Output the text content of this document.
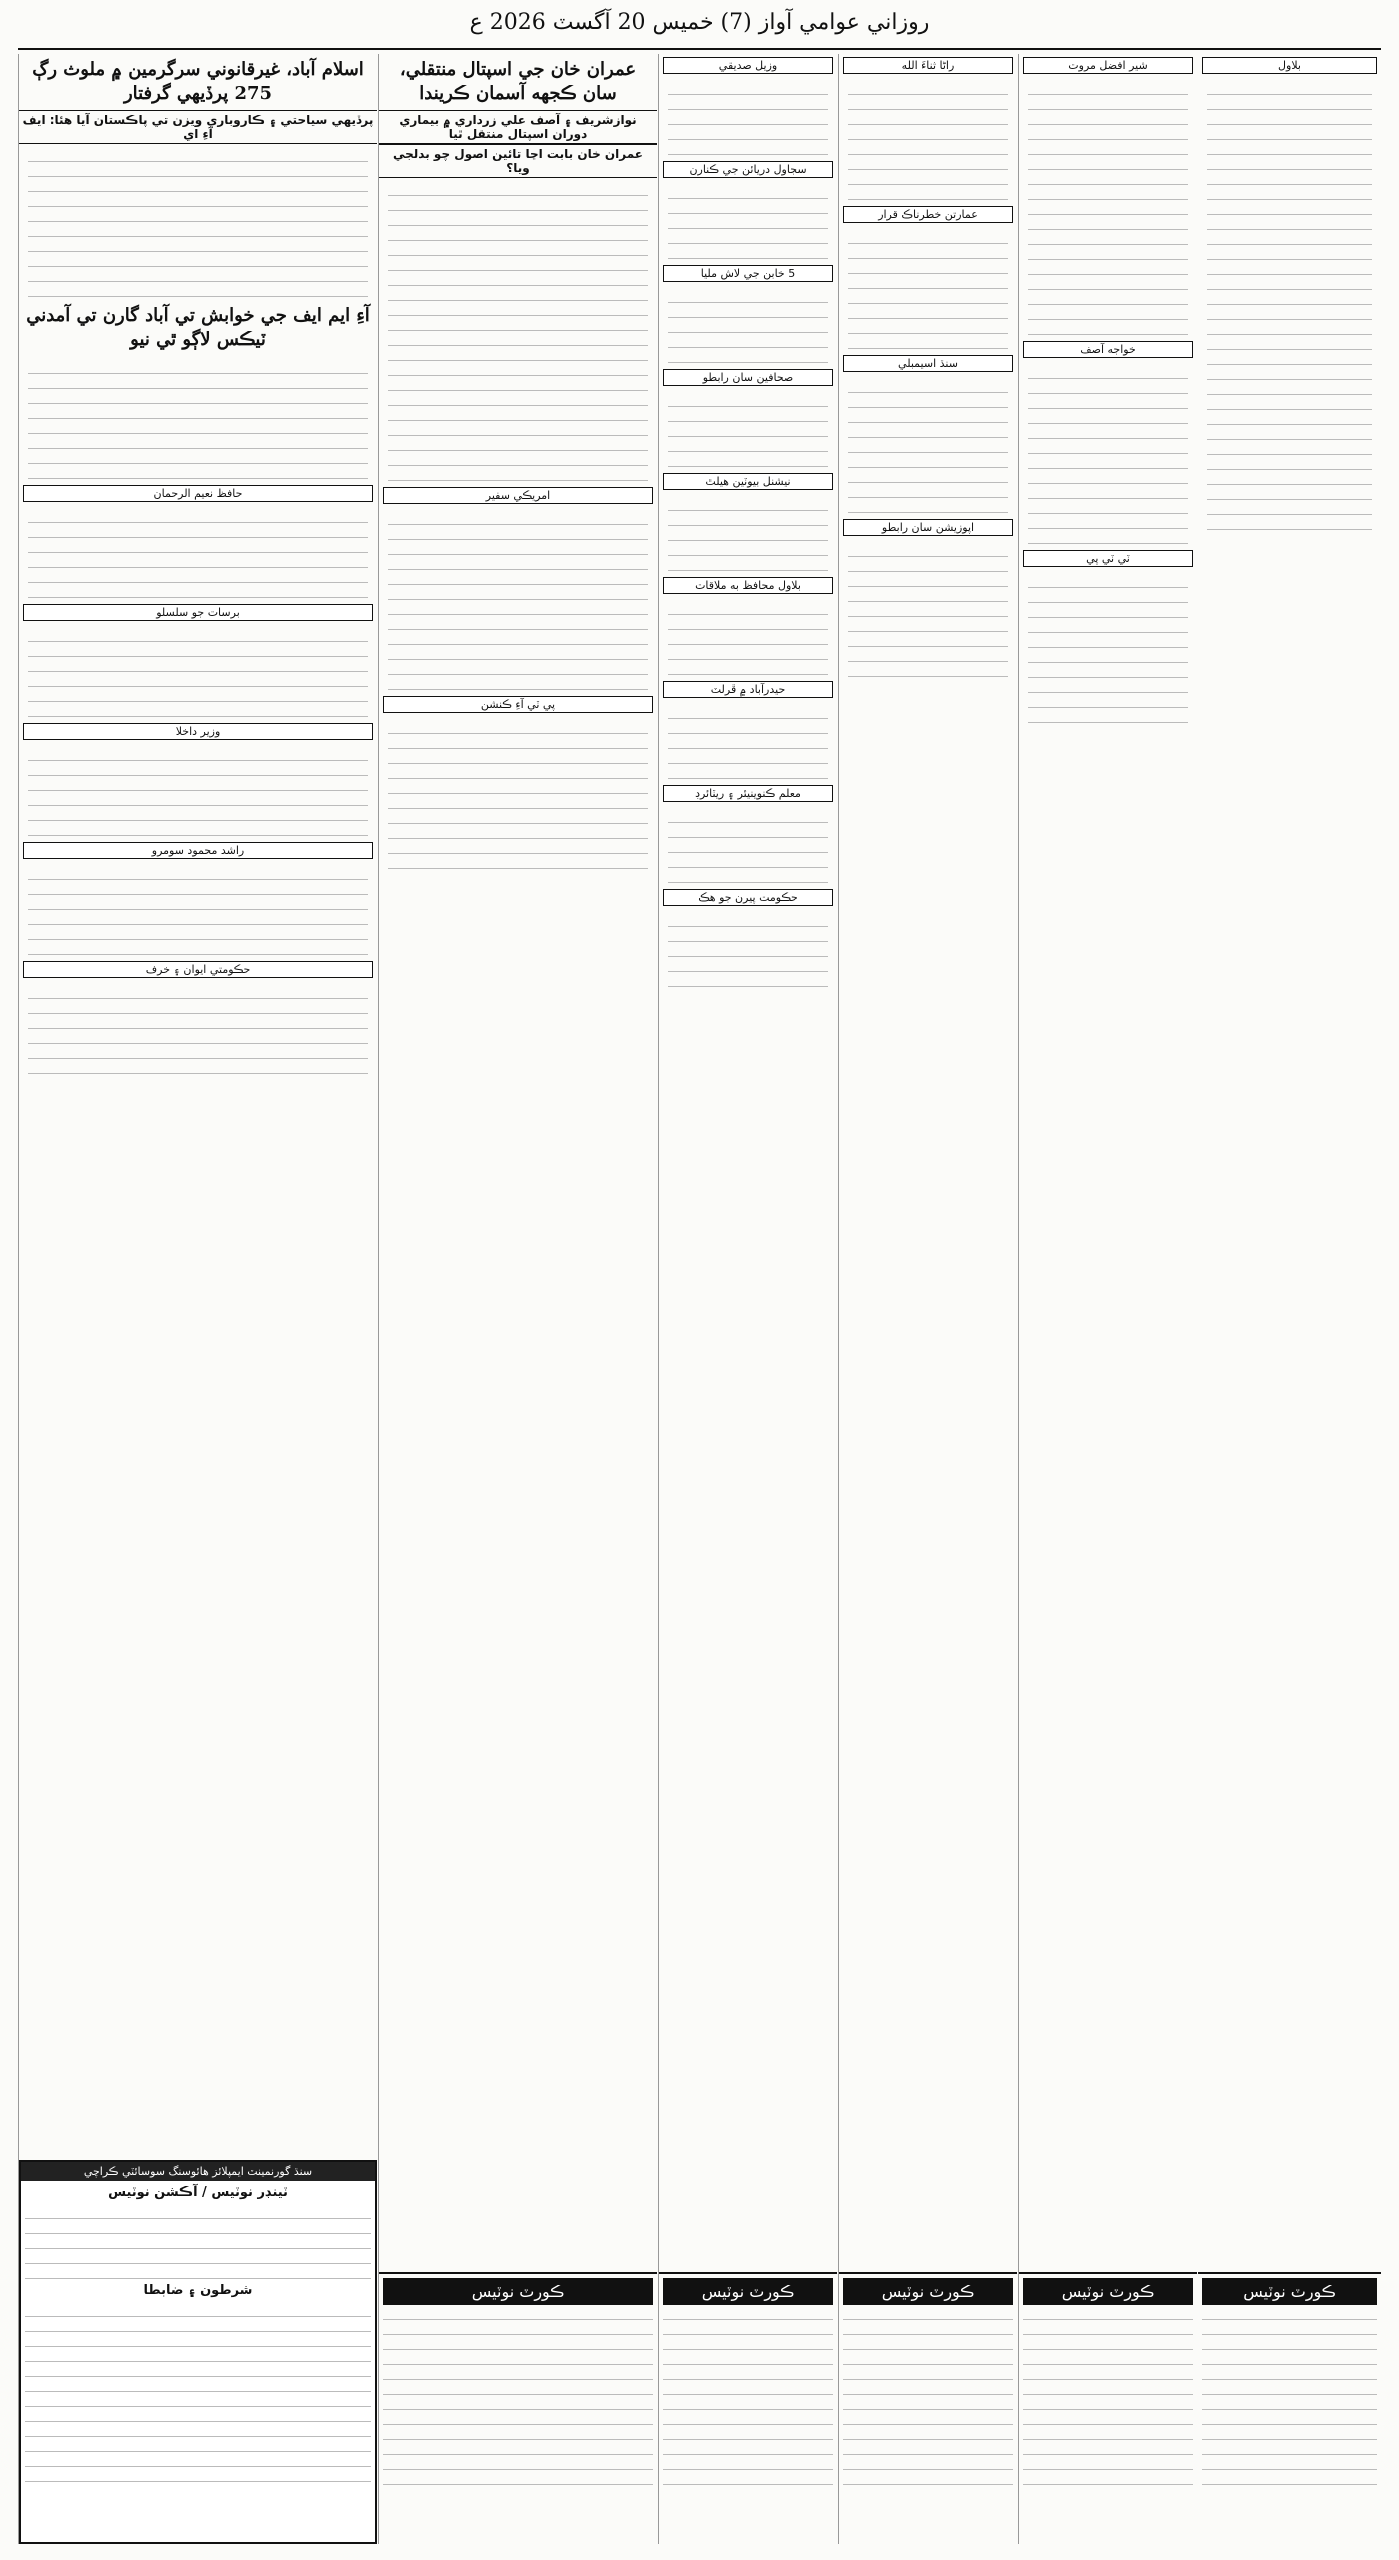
روزاني عوامي آواز (7) خميس 20 آگسٽ 2026 ع
بلاول
ڪورٽ نوٽيس
شير افضل مروت
خواجه آصف
ٽي ٽي پي
ڪورٽ نوٽيس
راڻا ثناءَ الله
عمارتن خطرناڪ قرار
سنڌ اسيمبلي
اپوزيشن سان رابطو
ڪورٽ نوٽيس
وزيل صديقي
سجاول دريائن جي ڪنارن
5 خابن جي لاش مليا
صحافين سان رابطو
نيشنل بيوٽين هيلٿ
بلاول محافظ به ملاقات
حيدرآباد ۾ ڦرلٽ
معلم ڪنوينيئر ۽ ريٽائرڊ
حڪومت پيرن جو هڪ
ڪورٽ نوٽيس
عمران خان جي اسپتال منتقلي، سان ڪجهه آسمان ڪريندا
نوازشريف ۽ آصف علي زرداري ۾ بيماري دوران اسپتال منتقل ٿيا
عمران خان بابت اڃا تائين اصول چو بدلجي ويا؟
امريڪي سفير
پي ٽي آءِ ڪنشن
ڪورٽ نوٽيس
اسلام آباد، غيرقانوني سرگرمين ۾ ملوث رڳ 275 پرڏيهي گرفتار
پرڏيهي سياحتي ۽ ڪاروباري ويزن تي پاڪستان آيا هئا: ايف آءِ اي
آءِ ايم ايف جي خوابش تي آباد گارن تي آمدني ٽيڪس لاڳو ٿي نيو
حافظ نعيم الرحمان
برسات جو سلسلو
وزير داخلا
راشد محمود سومرو
حڪومتي ايوان ۽ خرف
سنڌ گورنمينٽ ايمپلائز هائوسنگ سوسائٽي ڪراچي
ٽينڊر نوٽيس / آڪشن نوٽيس
شرطون ۽ ضابطا
